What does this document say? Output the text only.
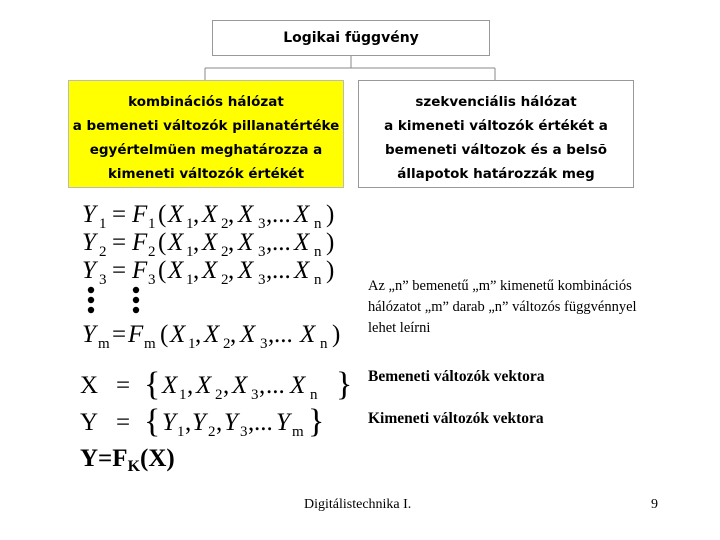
Logikai függvény
kombinációs hálózat
a bemeneti változók pillanatértéke
egyértelmüen meghatározza a
kimeneti változók értékét
szekvenciális hálózat
a kimeneti változók értékét a
bemeneti változok és a belsõ
állapotok határozzák meg
Y 1 = F1 (X 1, X 2, X 3,... X n )
Y 2 = F2 (X 1, X 2, X 3,... X n )
Y 3 = F3 (X 1, X 2, X 3,... X n )
Ym=Fm (X 1, X 2, X 3,... X n )
X = {X 1, X 2, X 3,... X n }
Y = {Y1,Y 2,Y 3,... Y m }
$Y=F_K(X)$
Az „n” bemenetű „m” kimenetű kombinációs
hálózatot „m” darab „n” változós függvénnyel
lehet leírni
Bemeneti változók vektora
Kimeneti változók vektora
Digitálistechnika I.	9
